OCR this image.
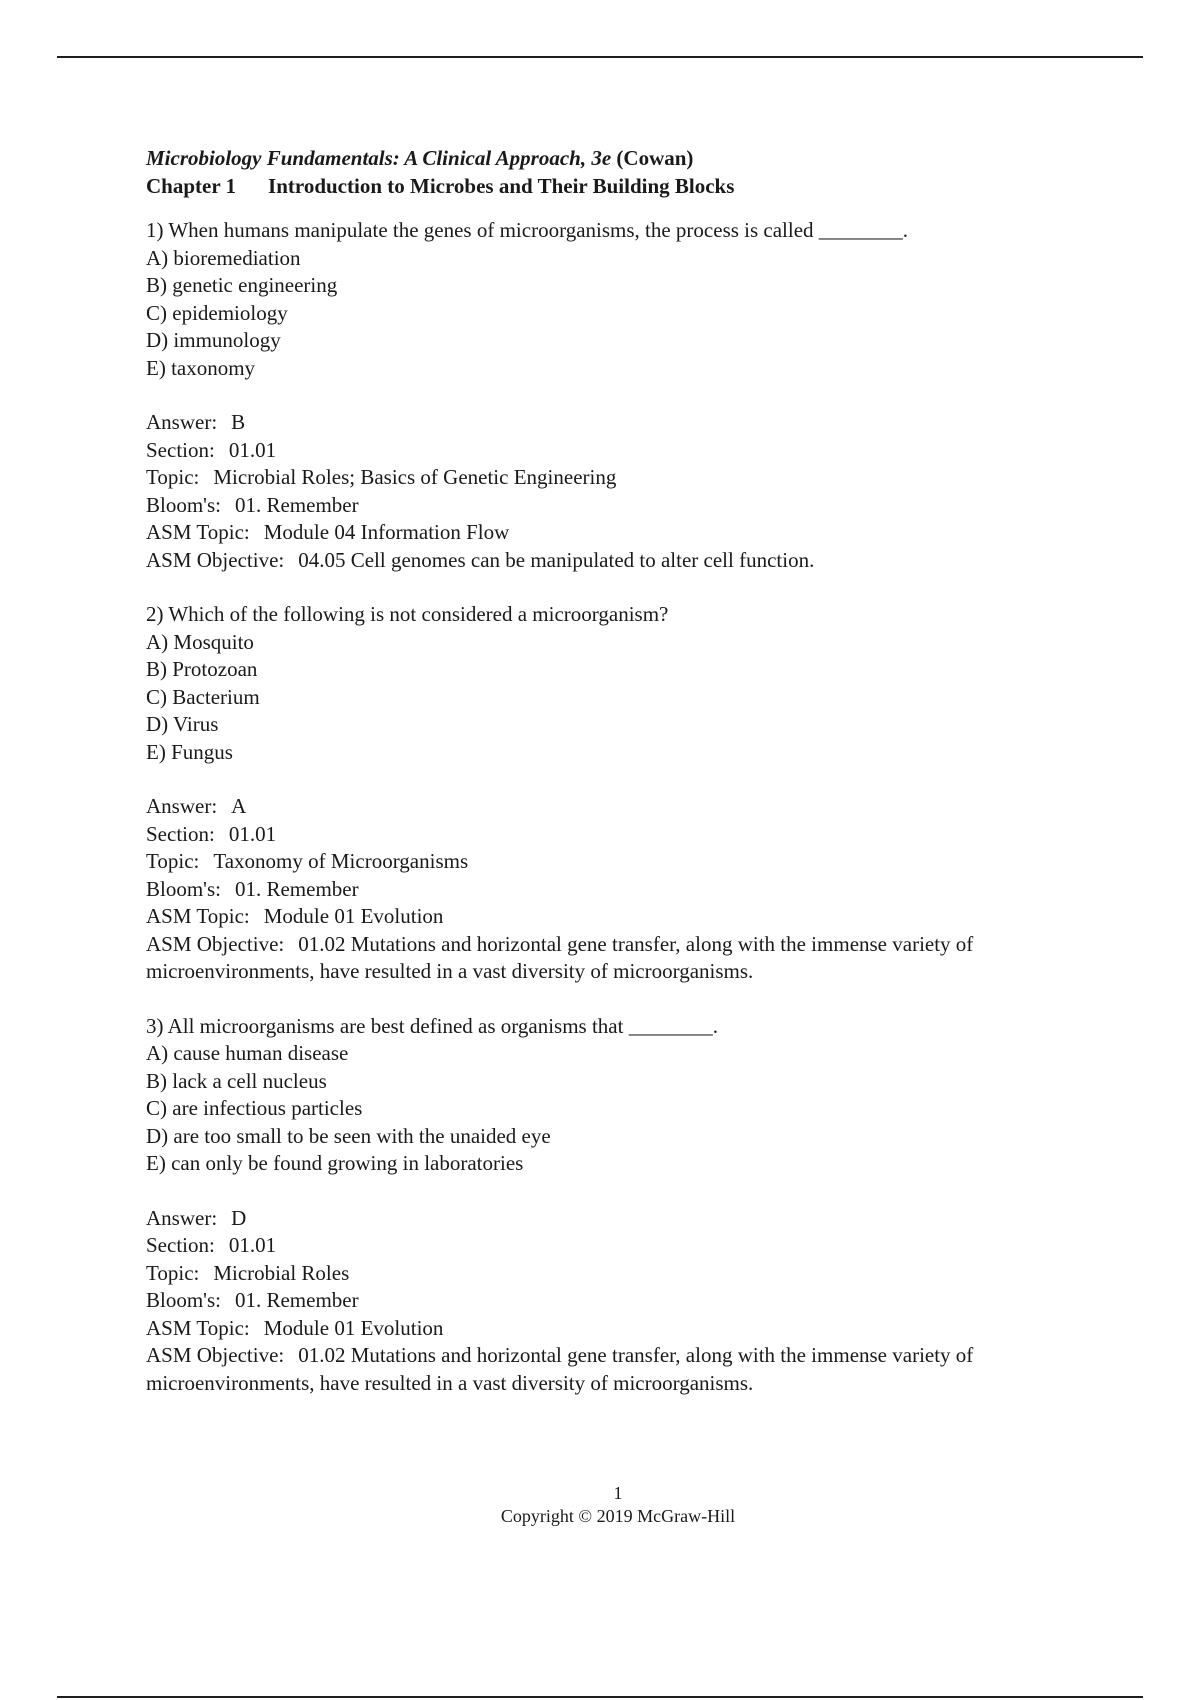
Microbiology Fundamentals: A Clinical Approach, 3e (Cowan)

Chapter 1 Introduction to Microbes and Their Building Blocks

1) When humans manipulate the genes of microorganisms, the process is called ________.

A) bioremediation

B) genetic engineering

C) epidemiology

D) immunology

E) taxonomy

Answer: B

Section: 01.01

Topic: Microbial Roles; Basics of Genetic Engineering

Bloom's: 01. Remember

ASM Topic: Module 04 Information Flow

ASM Objective: 04.05 Cell genomes can be manipulated to alter cell function.

2) Which of the following is not considered a microorganism?

A) Mosquito

B) Protozoan

C) Bacterium

D) Virus

E) Fungus

Answer: A

Section: 01.01

Topic: Taxonomy of Microorganisms

Bloom's: 01. Remember

ASM Topic: Module 01 Evolution

ASM Objective: 01.02 Mutations and horizontal gene transfer, along with the immense variety of microenvironments, have resulted in a vast diversity of microorganisms.

3) All microorganisms are best defined as organisms that ________.

A) cause human disease

B) lack a cell nucleus

C) are infectious particles

D) are too small to be seen with the unaided eye

E) can only be found growing in laboratories

Answer: D

Section: 01.01

Topic: Microbial Roles

Bloom's: 01. Remember

ASM Topic: Module 01 Evolution

ASM Objective: 01.02 Mutations and horizontal gene transfer, along with the immense variety of microenvironments, have resulted in a vast diversity of microorganisms.

1
Copyright © 2019 McGraw-Hill
